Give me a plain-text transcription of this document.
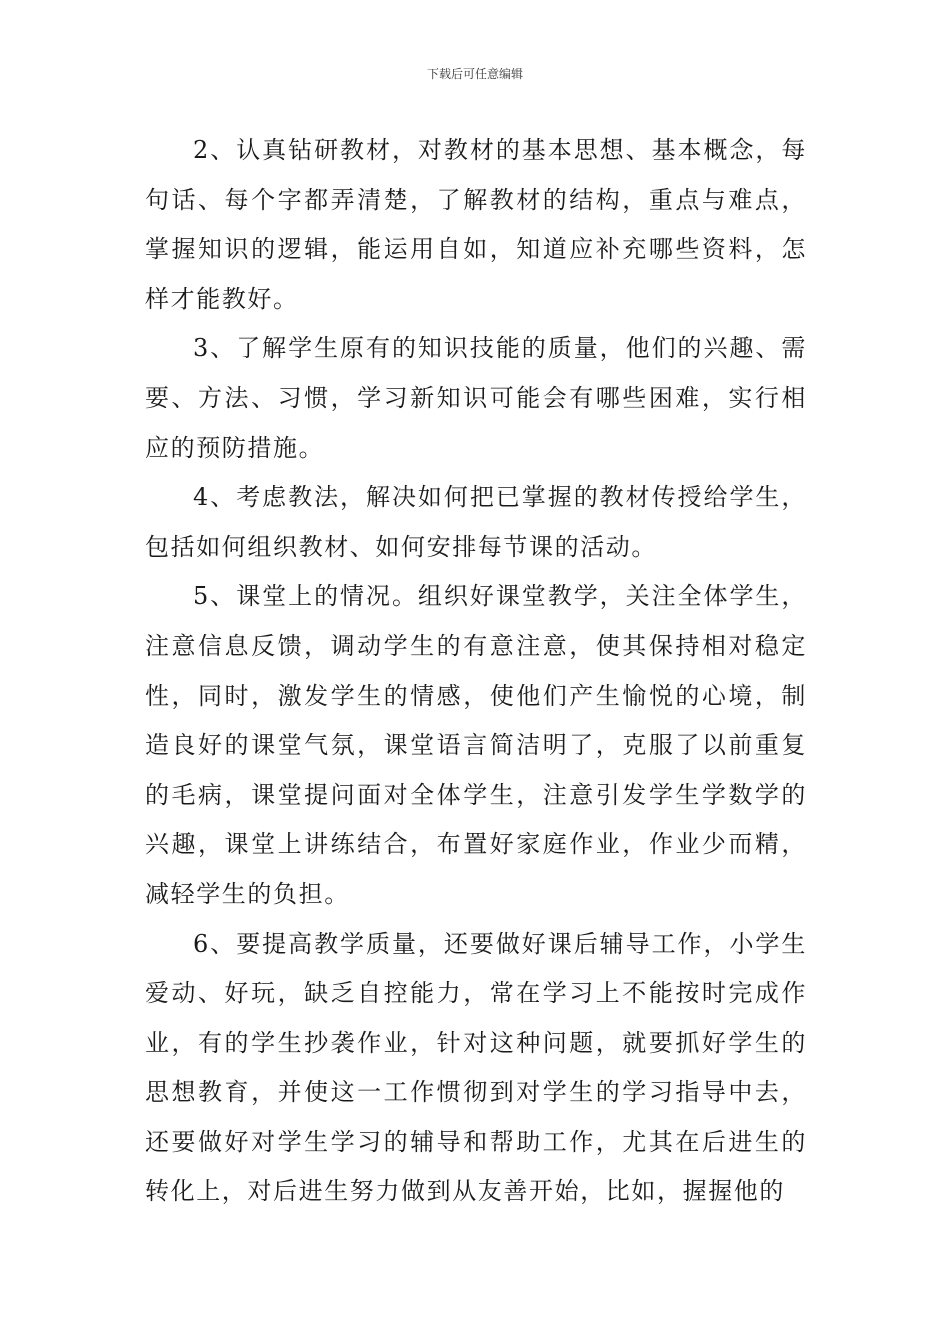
下载后可任意编辑

2、认真钻研教材，对教材的基本思想、基本概念，每句话、每个字都弄清楚，了解教材的结构，重点与难点，掌握知识的逻辑，能运用自如，知道应补充哪些资料，怎样才能教好。

3、了解学生原有的知识技能的质量，他们的兴趣、需要、方法、习惯，学习新知识可能会有哪些困难，实行相应的预防措施。

4、考虑教法，解决如何把已掌握的教材传授给学生，包括如何组织教材、如何安排每节课的活动。

5、课堂上的情况。组织好课堂教学，关注全体学生，注意信息反馈，调动学生的有意注意，使其保持相对稳定性，同时，激发学生的情感，使他们产生愉悦的心境，制造良好的课堂气氛，课堂语言简洁明了，克服了以前重复的毛病，课堂提问面对全体学生，注意引发学生学数学的兴趣，课堂上讲练结合，布置好家庭作业，作业少而精，减轻学生的负担。

6、要提高教学质量，还要做好课后辅导工作，小学生爱动、好玩，缺乏自控能力，常在学习上不能按时完成作业，有的学生抄袭作业，针对这种问题，就要抓好学生的思想教育，并使这一工作惯彻到对学生的学习指导中去，还要做好对学生学习的辅导和帮助工作，尤其在后进生的转化上，对后进生努力做到从友善开始，比如，握握他的
